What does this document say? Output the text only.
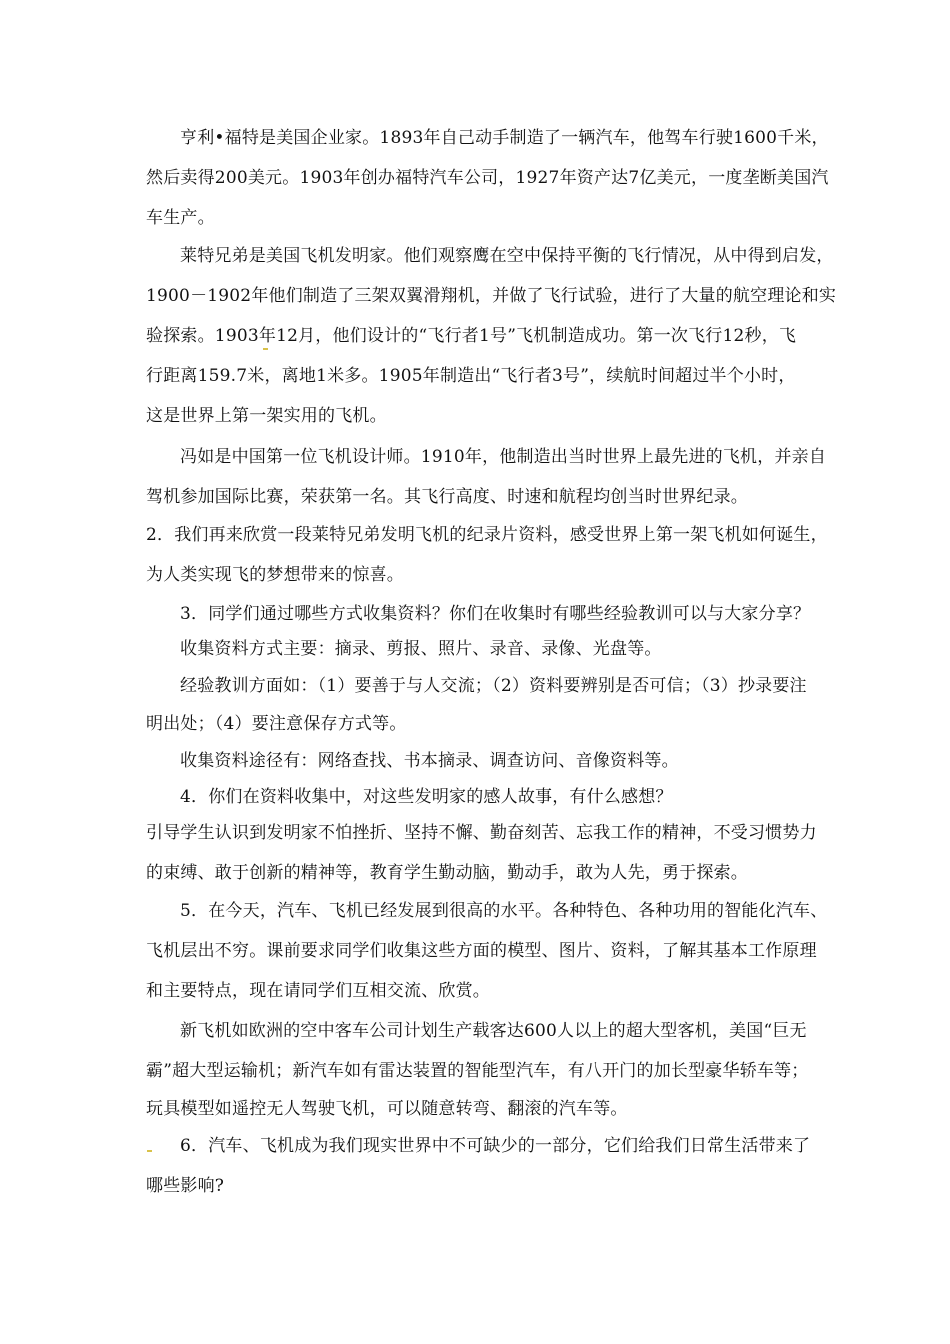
亨利•福特是美国企业家。1893年自己动手制造了一辆汽车，他驾车行驶1600千米，
然后卖得200美元。1903年创办福特汽车公司，1927年资产达7亿美元，一度垄断美国汽
车生产。
莱特兄弟是美国飞机发明家。他们观察鹰在空中保持平衡的飞行情况，从中得到启发，
1900－1902年他们制造了三架双翼滑翔机，并做了飞行试验，进行了大量的航空理论和实
验探索。1903年12月，他们设计的“飞行者1号”飞机制造成功。第一次飞行12秒，飞
行距离159.7米，离地1米多。1905年制造出“飞行者3号”，续航时间超过半个小时，
这是世界上第一架实用的飞机。
冯如是中国第一位飞机设计师。1910年，他制造出当时世界上最先进的飞机，并亲自
驾机参加国际比赛，荣获第一名。其飞行高度、时速和航程均创当时世界纪录。
2．我们再来欣赏一段莱特兄弟发明飞机的纪录片资料，感受世界上第一架飞机如何诞生，
为人类实现飞的梦想带来的惊喜。
3．同学们通过哪些方式收集资料？你们在收集时有哪些经验教训可以与大家分享？
收集资料方式主要：摘录、剪报、照片、录音、录像、光盘等。
经验教训方面如：（1）要善于与人交流；（2）资料要辨别是否可信；（3）抄录要注
明出处；（4）要注意保存方式等。
收集资料途径有：网络查找、书本摘录、调查访问、音像资料等。
4．你们在资料收集中，对这些发明家的感人故事，有什么感想？
引导学生认识到发明家不怕挫折、坚持不懈、勤奋刻苦、忘我工作的精神，不受习惯势力
的束缚、敢于创新的精神等，教育学生勤动脑，勤动手，敢为人先，勇于探索。
5．在今天，汽车、飞机已经发展到很高的水平。各种特色、各种功用的智能化汽车、
飞机层出不穷。课前要求同学们收集这些方面的模型、图片、资料，了解其基本工作原理
和主要特点，现在请同学们互相交流、欣赏。
新飞机如欧洲的空中客车公司计划生产载客达600人以上的超大型客机，美国“巨无
霸”超大型运输机；新汽车如有雷达装置的智能型汽车，有八开门的加长型豪华轿车等；
玩具模型如遥控无人驾驶飞机，可以随意转弯、翻滚的汽车等。
6．汽车、飞机成为我们现实世界中不可缺少的一部分，它们给我们日常生活带来了
哪些影响?
